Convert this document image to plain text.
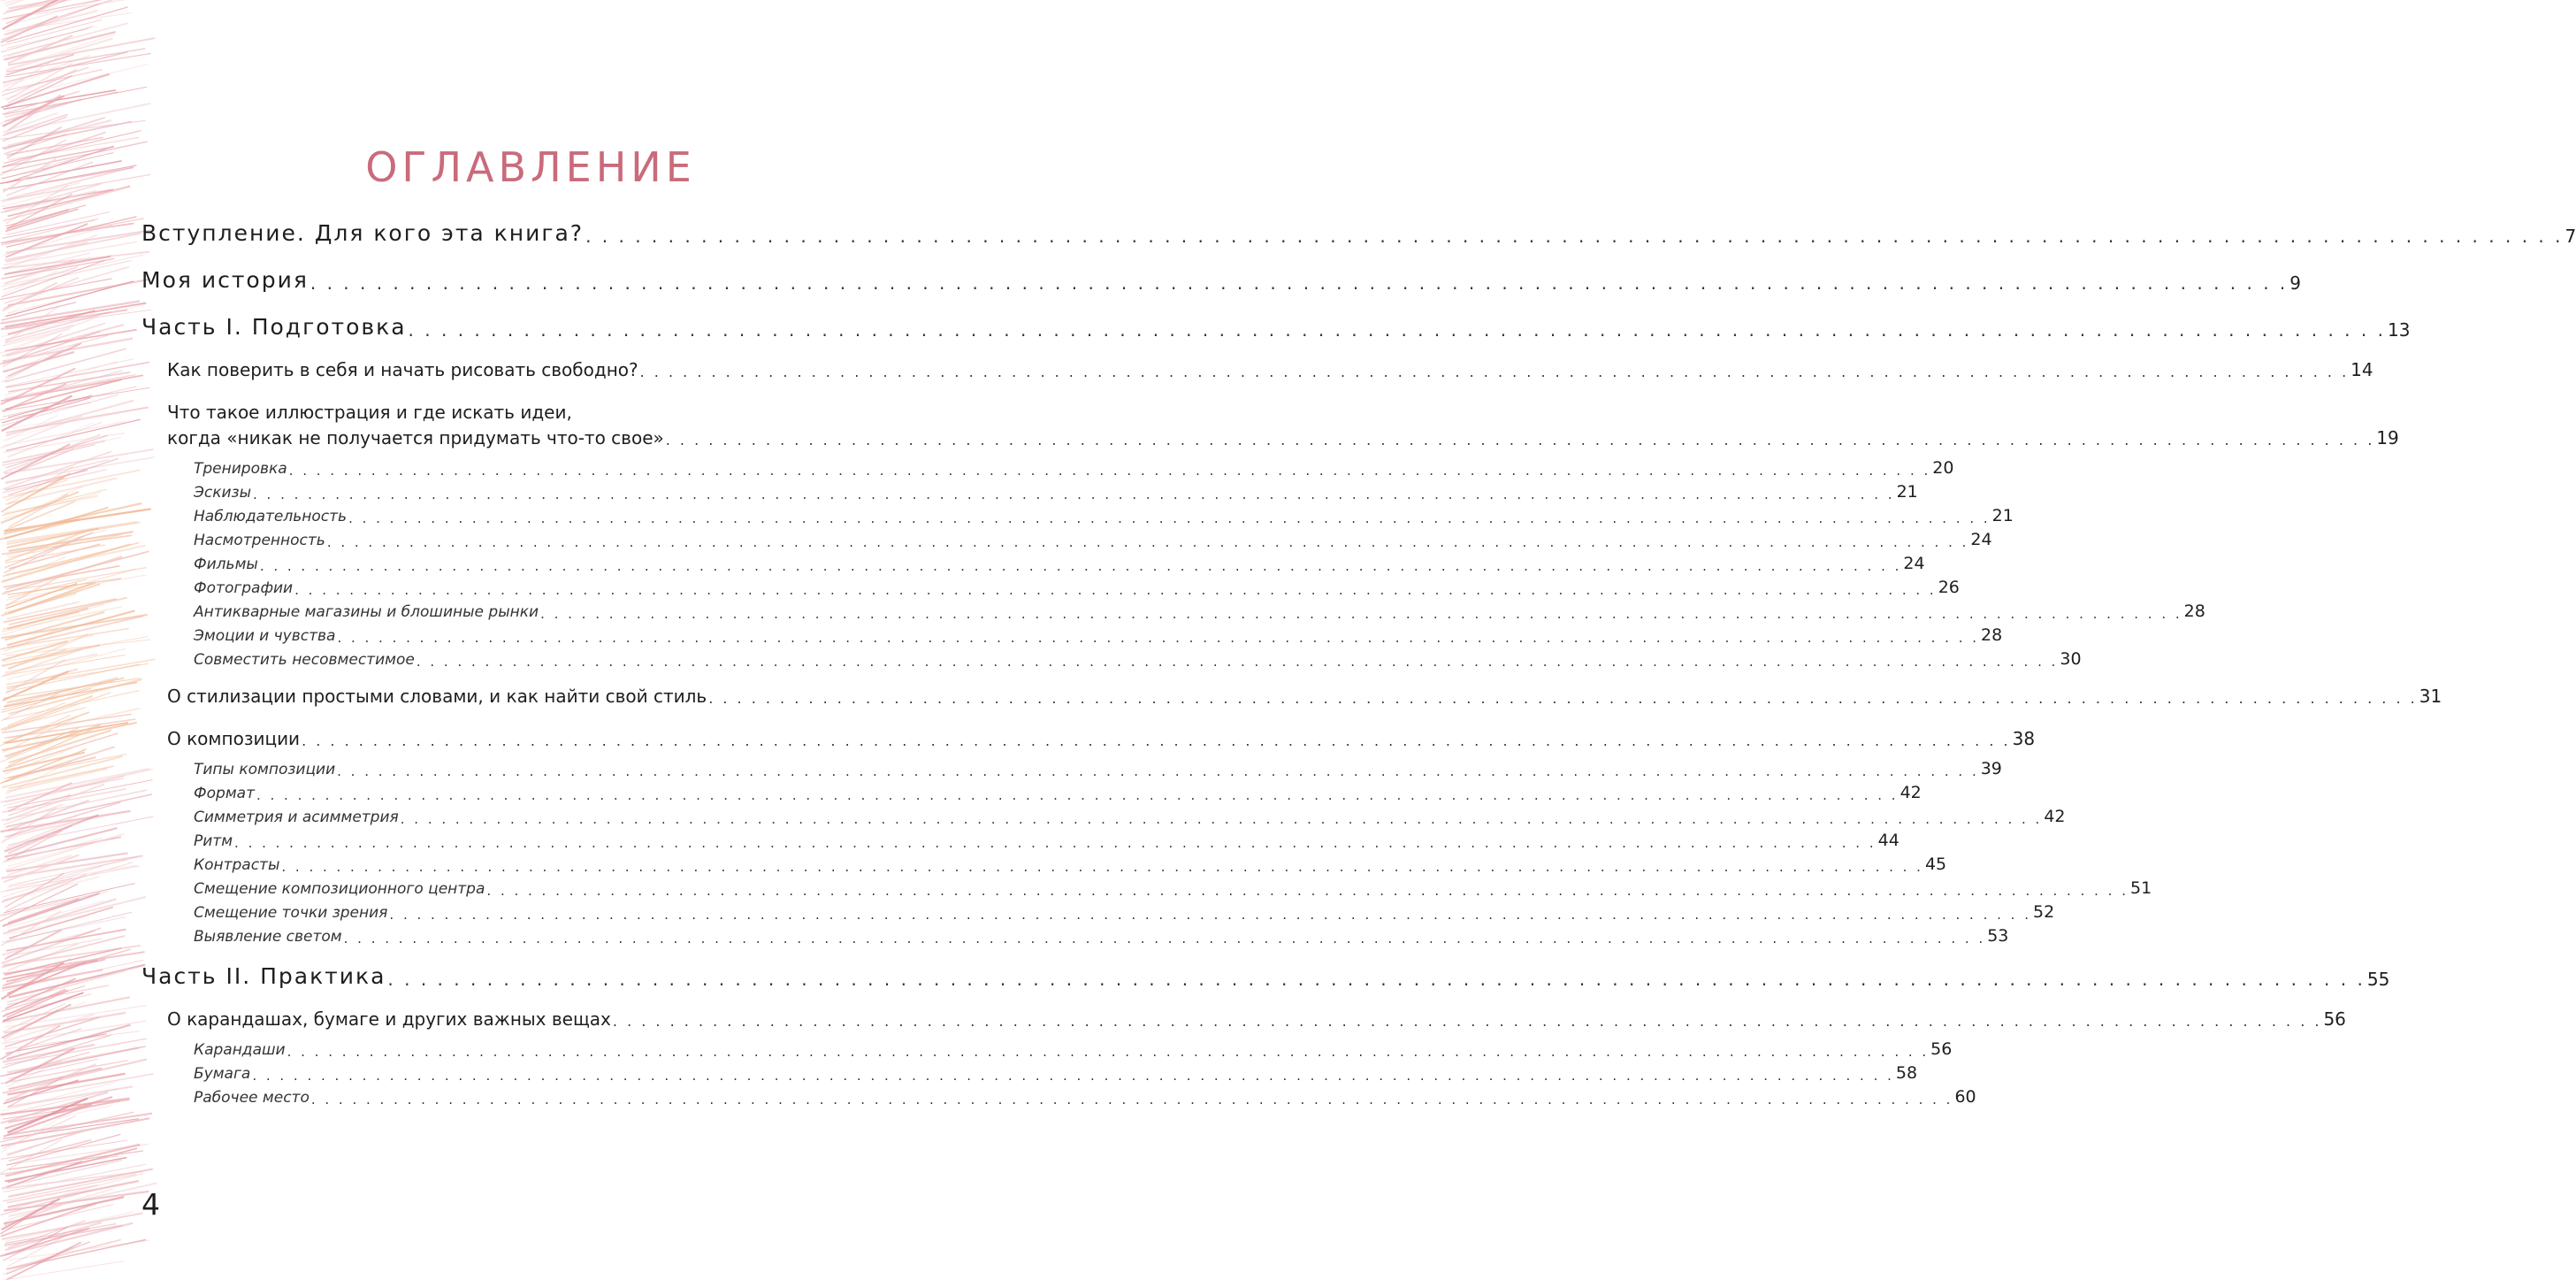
ОГЛАВЛЕНИЕ
Вступление. Для кого эта книга? . . . . . . . . . . . . . . . . . . . . . . . . . . . . . . . . . . . . . . . . . . . . . . . . . . . . . . . . . . . . . . . . . . . . . . . . . . . . . . . . . . . . . . . . . . . . . . . . . . . . . . . . . . . . . . . . . . . . . . . . 7
Моя история . . . . . . . . . . . . . . . . . . . . . . . . . . . . . . . . . . . . . . . . . . . . . . . . . . . . . . . . . . . . . . . . . . . . . . . . . . . . . . . . . . . . . . . . . . . . . . . . . . . . . . . . . . . . . . . . . . . . . . . . 9
Часть I. Подготовка . . . . . . . . . . . . . . . . . . . . . . . . . . . . . . . . . . . . . . . . . . . . . . . . . . . . . . . . . . . . . . . . . . . . . . . . . . . . . . . . . . . . . . . . . . . . . . . . . . . . . . . . . . . . . . . . . . . . . . . . 13
Как поверить в себя и начать рисовать свободно? . . . . . . . . . . . . . . . . . . . . . . . . . . . . . . . . . . . . . . . . . . . . . . . . . . . . . . . . . . . . . . . . . . . . . . . . . . . . . . . . . . . . . . . . . . . . . . . . . . . . . . . . . . . . . . . . . . . . . . . . 14
Что такое иллюстрация и где искать идеи,
когда «никак не получается придумать что-то свое» . . . . . . . . . . . . . . . . . . . . . . . . . . . . . . . . . . . . . . . . . . . . . . . . . . . . . . . . . . . . . . . . . . . . . . . . . . . . . . . . . . . . . . . . . . . . . . . . . . . . . . . . . . . . . . . . . . . . . . . . 19
Тренировка . . . . . . . . . . . . . . . . . . . . . . . . . . . . . . . . . . . . . . . . . . . . . . . . . . . . . . . . . . . . . . . . . . . . . . . . . . . . . . . . . . . . . . . . . . . . . . . . . . . . . . . . . . . . . . . . . . . . . . . . 20
Эскизы . . . . . . . . . . . . . . . . . . . . . . . . . . . . . . . . . . . . . . . . . . . . . . . . . . . . . . . . . . . . . . . . . . . . . . . . . . . . . . . . . . . . . . . . . . . . . . . . . . . . . . . . . . . . . . . . . . . . . . . . 21
Наблюдательность . . . . . . . . . . . . . . . . . . . . . . . . . . . . . . . . . . . . . . . . . . . . . . . . . . . . . . . . . . . . . . . . . . . . . . . . . . . . . . . . . . . . . . . . . . . . . . . . . . . . . . . . . . . . . . . . . . . . . . . . 21
Насмотренность . . . . . . . . . . . . . . . . . . . . . . . . . . . . . . . . . . . . . . . . . . . . . . . . . . . . . . . . . . . . . . . . . . . . . . . . . . . . . . . . . . . . . . . . . . . . . . . . . . . . . . . . . . . . . . . . . . . . . . . . 24
Фильмы . . . . . . . . . . . . . . . . . . . . . . . . . . . . . . . . . . . . . . . . . . . . . . . . . . . . . . . . . . . . . . . . . . . . . . . . . . . . . . . . . . . . . . . . . . . . . . . . . . . . . . . . . . . . . . . . . . . . . . . . 24
Фотографии . . . . . . . . . . . . . . . . . . . . . . . . . . . . . . . . . . . . . . . . . . . . . . . . . . . . . . . . . . . . . . . . . . . . . . . . . . . . . . . . . . . . . . . . . . . . . . . . . . . . . . . . . . . . . . . . . . . . . . . . 26
Антикварные магазины и блошиные рынки . . . . . . . . . . . . . . . . . . . . . . . . . . . . . . . . . . . . . . . . . . . . . . . . . . . . . . . . . . . . . . . . . . . . . . . . . . . . . . . . . . . . . . . . . . . . . . . . . . . . . . . . . . . . . . . . . . . . . . . . 28
Эмоции и чувства . . . . . . . . . . . . . . . . . . . . . . . . . . . . . . . . . . . . . . . . . . . . . . . . . . . . . . . . . . . . . . . . . . . . . . . . . . . . . . . . . . . . . . . . . . . . . . . . . . . . . . . . . . . . . . . . . . . . . . . . 28
Совместить несовместимое . . . . . . . . . . . . . . . . . . . . . . . . . . . . . . . . . . . . . . . . . . . . . . . . . . . . . . . . . . . . . . . . . . . . . . . . . . . . . . . . . . . . . . . . . . . . . . . . . . . . . . . . . . . . . . . . . . . . . . . . 30
О стилизации простыми словами, и как найти свой стиль . . . . . . . . . . . . . . . . . . . . . . . . . . . . . . . . . . . . . . . . . . . . . . . . . . . . . . . . . . . . . . . . . . . . . . . . . . . . . . . . . . . . . . . . . . . . . . . . . . . . . . . . . . . . . . . . . . . . . . . . 31
О композиции . . . . . . . . . . . . . . . . . . . . . . . . . . . . . . . . . . . . . . . . . . . . . . . . . . . . . . . . . . . . . . . . . . . . . . . . . . . . . . . . . . . . . . . . . . . . . . . . . . . . . . . . . . . . . . . . . . . . . . . . 38
Типы композиции . . . . . . . . . . . . . . . . . . . . . . . . . . . . . . . . . . . . . . . . . . . . . . . . . . . . . . . . . . . . . . . . . . . . . . . . . . . . . . . . . . . . . . . . . . . . . . . . . . . . . . . . . . . . . . . . . . . . . . . . 39
Формат . . . . . . . . . . . . . . . . . . . . . . . . . . . . . . . . . . . . . . . . . . . . . . . . . . . . . . . . . . . . . . . . . . . . . . . . . . . . . . . . . . . . . . . . . . . . . . . . . . . . . . . . . . . . . . . . . . . . . . . . 42
Симметрия и асимметрия . . . . . . . . . . . . . . . . . . . . . . . . . . . . . . . . . . . . . . . . . . . . . . . . . . . . . . . . . . . . . . . . . . . . . . . . . . . . . . . . . . . . . . . . . . . . . . . . . . . . . . . . . . . . . . . . . . . . . . . . 42
Ритм . . . . . . . . . . . . . . . . . . . . . . . . . . . . . . . . . . . . . . . . . . . . . . . . . . . . . . . . . . . . . . . . . . . . . . . . . . . . . . . . . . . . . . . . . . . . . . . . . . . . . . . . . . . . . . . . . . . . . . . . 44
Контрасты . . . . . . . . . . . . . . . . . . . . . . . . . . . . . . . . . . . . . . . . . . . . . . . . . . . . . . . . . . . . . . . . . . . . . . . . . . . . . . . . . . . . . . . . . . . . . . . . . . . . . . . . . . . . . . . . . . . . . . . . 45
Смещение композиционного центра . . . . . . . . . . . . . . . . . . . . . . . . . . . . . . . . . . . . . . . . . . . . . . . . . . . . . . . . . . . . . . . . . . . . . . . . . . . . . . . . . . . . . . . . . . . . . . . . . . . . . . . . . . . . . . . . . . . . . . . . 51
Смещение точки зрения . . . . . . . . . . . . . . . . . . . . . . . . . . . . . . . . . . . . . . . . . . . . . . . . . . . . . . . . . . . . . . . . . . . . . . . . . . . . . . . . . . . . . . . . . . . . . . . . . . . . . . . . . . . . . . . . . . . . . . . . 52
Выявление светом . . . . . . . . . . . . . . . . . . . . . . . . . . . . . . . . . . . . . . . . . . . . . . . . . . . . . . . . . . . . . . . . . . . . . . . . . . . . . . . . . . . . . . . . . . . . . . . . . . . . . . . . . . . . . . . . . . . . . . . . 53
Часть II. Практика . . . . . . . . . . . . . . . . . . . . . . . . . . . . . . . . . . . . . . . . . . . . . . . . . . . . . . . . . . . . . . . . . . . . . . . . . . . . . . . . . . . . . . . . . . . . . . . . . . . . . . . . . . . . . . . . . . . . . . . . 55
О карандашах, бумаге и других важных вещах . . . . . . . . . . . . . . . . . . . . . . . . . . . . . . . . . . . . . . . . . . . . . . . . . . . . . . . . . . . . . . . . . . . . . . . . . . . . . . . . . . . . . . . . . . . . . . . . . . . . . . . . . . . . . . . . . . . . . . . . 56
Карандаши . . . . . . . . . . . . . . . . . . . . . . . . . . . . . . . . . . . . . . . . . . . . . . . . . . . . . . . . . . . . . . . . . . . . . . . . . . . . . . . . . . . . . . . . . . . . . . . . . . . . . . . . . . . . . . . . . . . . . . . . 56
Бумага . . . . . . . . . . . . . . . . . . . . . . . . . . . . . . . . . . . . . . . . . . . . . . . . . . . . . . . . . . . . . . . . . . . . . . . . . . . . . . . . . . . . . . . . . . . . . . . . . . . . . . . . . . . . . . . . . . . . . . . . 58
Рабочее место . . . . . . . . . . . . . . . . . . . . . . . . . . . . . . . . . . . . . . . . . . . . . . . . . . . . . . . . . . . . . . . . . . . . . . . . . . . . . . . . . . . . . . . . . . . . . . . . . . . . . . . . . . . . . . . . . . . . . . . . 60
4
